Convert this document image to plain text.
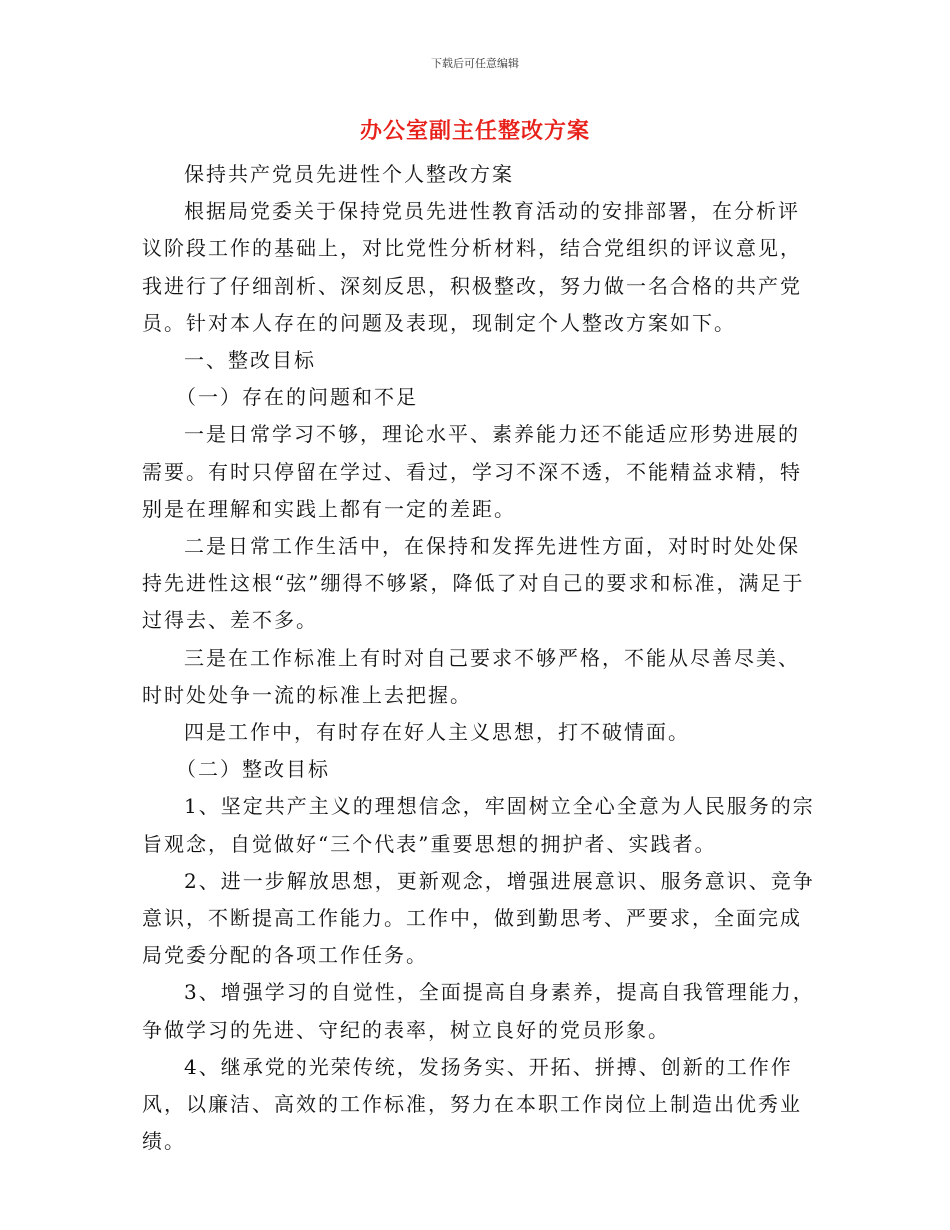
下载后可任意编辑
办公室副主任整改方案

保持共产党员先进性个人整改方案

根据局党委关于保持党员先进性教育活动的安排部署，在分析评议阶段工作的基础上，对比党性分析材料，结合党组织的评议意见，我进行了仔细剖析、深刻反思，积极整改，努力做一名合格的共产党员。针对本人存在的问题及表现，现制定个人整改方案如下。

一、整改目标

（一）存在的问题和不足

一是日常学习不够，理论水平、素养能力还不能适应形势进展的需要。有时只停留在学过、看过，学习不深不透，不能精益求精，特别是在理解和实践上都有一定的差距。

二是日常工作生活中，在保持和发挥先进性方面，对时时处处保持先进性这根“弦”绷得不够紧，降低了对自己的要求和标准，满足于过得去、差不多。

三是在工作标准上有时对自己要求不够严格，不能从尽善尽美、时时处处争一流的标准上去把握。

四是工作中，有时存在好人主义思想，打不破情面。

（二）整改目标

1、坚定共产主义的理想信念，牢固树立全心全意为人民服务的宗旨观念，自觉做好“三个代表”重要思想的拥护者、实践者。

2、进一步解放思想，更新观念，增强进展意识、服务意识、竞争意识，不断提高工作能力。工作中，做到勤思考、严要求，全面完成局党委分配的各项工作任务。

3、增强学习的自觉性，全面提高自身素养，提高自我管理能力，争做学习的先进、守纪的表率，树立良好的党员形象。

4、继承党的光荣传统，发扬务实、开拓、拼搏、创新的工作作风，以廉洁、高效的工作标准，努力在本职工作岗位上制造出优秀业绩。
